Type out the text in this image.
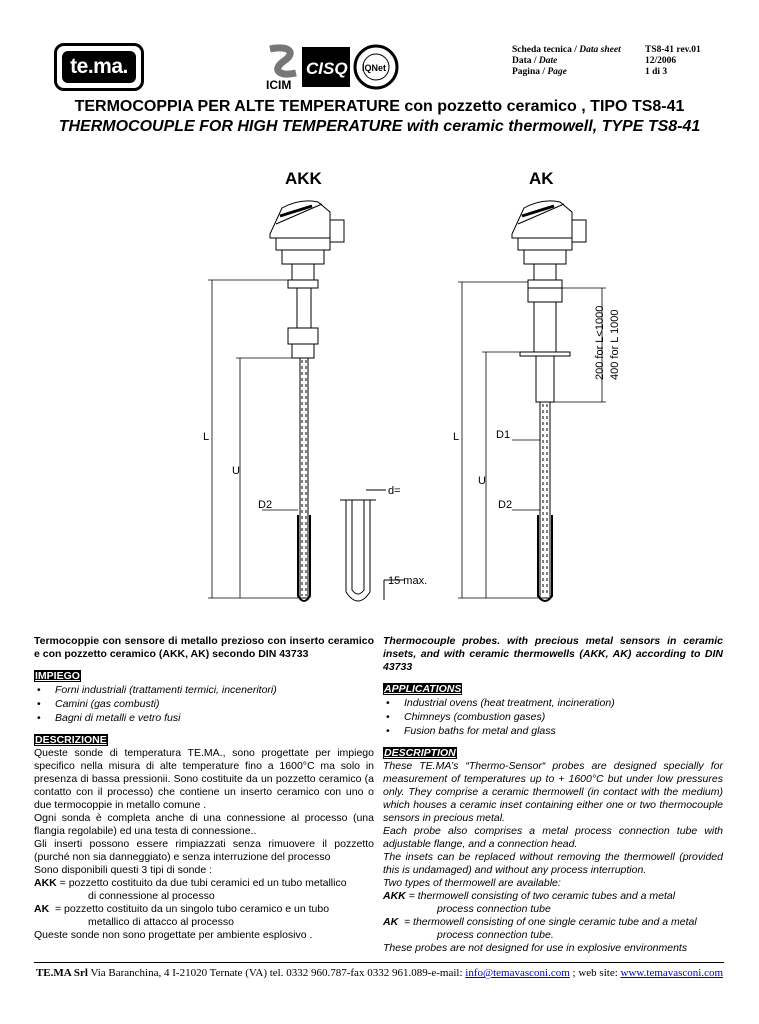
te.ma.
ICIM
CISQ IQNet
Scheda tecnica / Data sheet	TS8-41 rev.01
Data / Date	12/2006
Pagina / Page	1 di 3
TERMOCOPPIA PER ALTE TEMPERATURE con pozzetto ceramico , TIPO TS8-41
THERMOCOUPLE FOR HIGH TEMPERATURE with ceramic thermowell, TYPE TS8-41
AKK
L
U
D2
d=
15 max.
AK
L
U
D1
D2
200 for L<1000 400 for L 1000

Termocoppie con sensore di metallo prezioso con inserto ceramico e con pozzetto ceramico (AKK, AK) secondo DIN 43733

IMPIEGO
• Forni industriali (trattamenti termici, inceneritori)
• Camini (gas combusti)
• Bagni di metalli e vetro fusi
DESCRIZIONE

Queste sonde di temperatura TE.MA., sono progettate per impiego specifico nella misura di alte temperature fino a 1600°C ma solo in presenza di bassa pressionii. Sono costituite da un pozzetto ceramico (a contatto con il processo) che contiene un inserto ceramico con uno o due termocoppie in metallo comune .

Ogni sonda è completa anche di una connessione al processo (una flangia regolabile) ed una testa di connessione..

Gli inserti possono essere rimpiazzati senza rimuovere il pozzetto (purché non sia danneggiato) e senza interruzione del processo

Sono disponibili questi 3 tipi di sonde :

AKK = pozzetto costituito da due tubi ceramici ed un tubo metallico
di connessione al processo

AK  = pozzetto costituito da un singolo tubo ceramico e un tubo
metallico di attacco al processo

Queste sonde non sono progettate per ambiente esplosivo .

Thermocouple probes. with precious metal sensors in ceramic insets, and with ceramic thermowells (AKK, AK) according to DIN 43733

APPLICATIONS
• Industrial ovens (heat treatment, incineration)
• Chimneys (combustion gases)
• Fusion baths for metal and glass
DESCRIPTION

These TE.MA’s “Thermo-Sensor“ probes are designed specially for measurement of temperatures up to + 1600°C but under low pressures only. They comprise a ceramic thermowell (in contact with the medium) which houses a ceramic inset containing either one or two thermocouple sensors in precious metal.

Each probe also comprises a metal process connection tube with adjustable flange, and a connection head.

The insets can be replaced without removing the thermowell (provided this is undamaged) and without any process interruption.

Two types of thermowell are available:

AKK = thermowell consisting of two ceramic tubes and a metal
process connection tube

AK  = thermowell consisting of one single ceramic tube and a metal
process connection tube.

These probes are not designed for use in explosive environments

TE.MA Srl Via Baranchina, 4 I-21020 Ternate (VA) tel. 0332 960.787-fax 0332 961.089-e-mail: info@temavasconi.com ; web site: www.temavasconi.com
